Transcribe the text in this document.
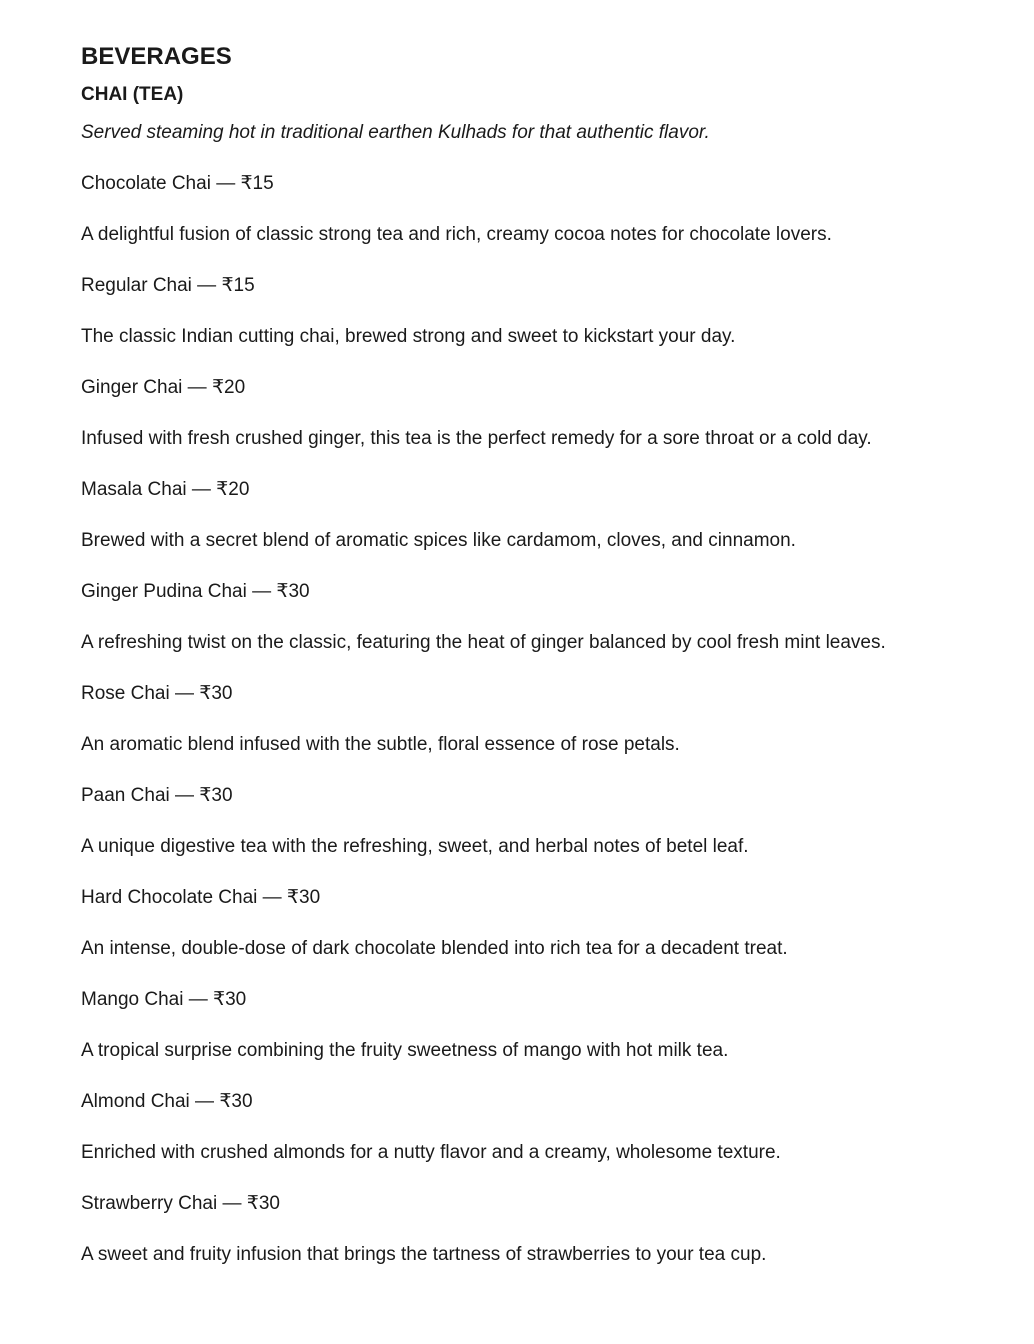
BEVERAGES
CHAI (TEA)

Served steaming hot in traditional earthen Kulhads for that authentic flavor.

Chocolate Chai — ₹15
A delightful fusion of classic strong tea and rich, creamy cocoa notes for chocolate lovers.
Regular Chai — ₹15
The classic Indian cutting chai, brewed strong and sweet to kickstart your day.
Ginger Chai — ₹20
Infused with fresh crushed ginger, this tea is the perfect remedy for a sore throat or a cold day.
Masala Chai — ₹20
Brewed with a secret blend of aromatic spices like cardamom, cloves, and cinnamon.
Ginger Pudina Chai — ₹30
A refreshing twist on the classic, featuring the heat of ginger balanced by cool fresh mint leaves.
Rose Chai — ₹30
An aromatic blend infused with the subtle, floral essence of rose petals.
Paan Chai — ₹30
A unique digestive tea with the refreshing, sweet, and herbal notes of betel leaf.
Hard Chocolate Chai — ₹30
An intense, double-dose of dark chocolate blended into rich tea for a decadent treat.
Mango Chai — ₹30
A tropical surprise combining the fruity sweetness of mango with hot milk tea.
Almond Chai — ₹30
Enriched with crushed almonds for a nutty flavor and a creamy, wholesome texture.
Strawberry Chai — ₹30
A sweet and fruity infusion that brings the tartness of strawberries to your tea cup.
